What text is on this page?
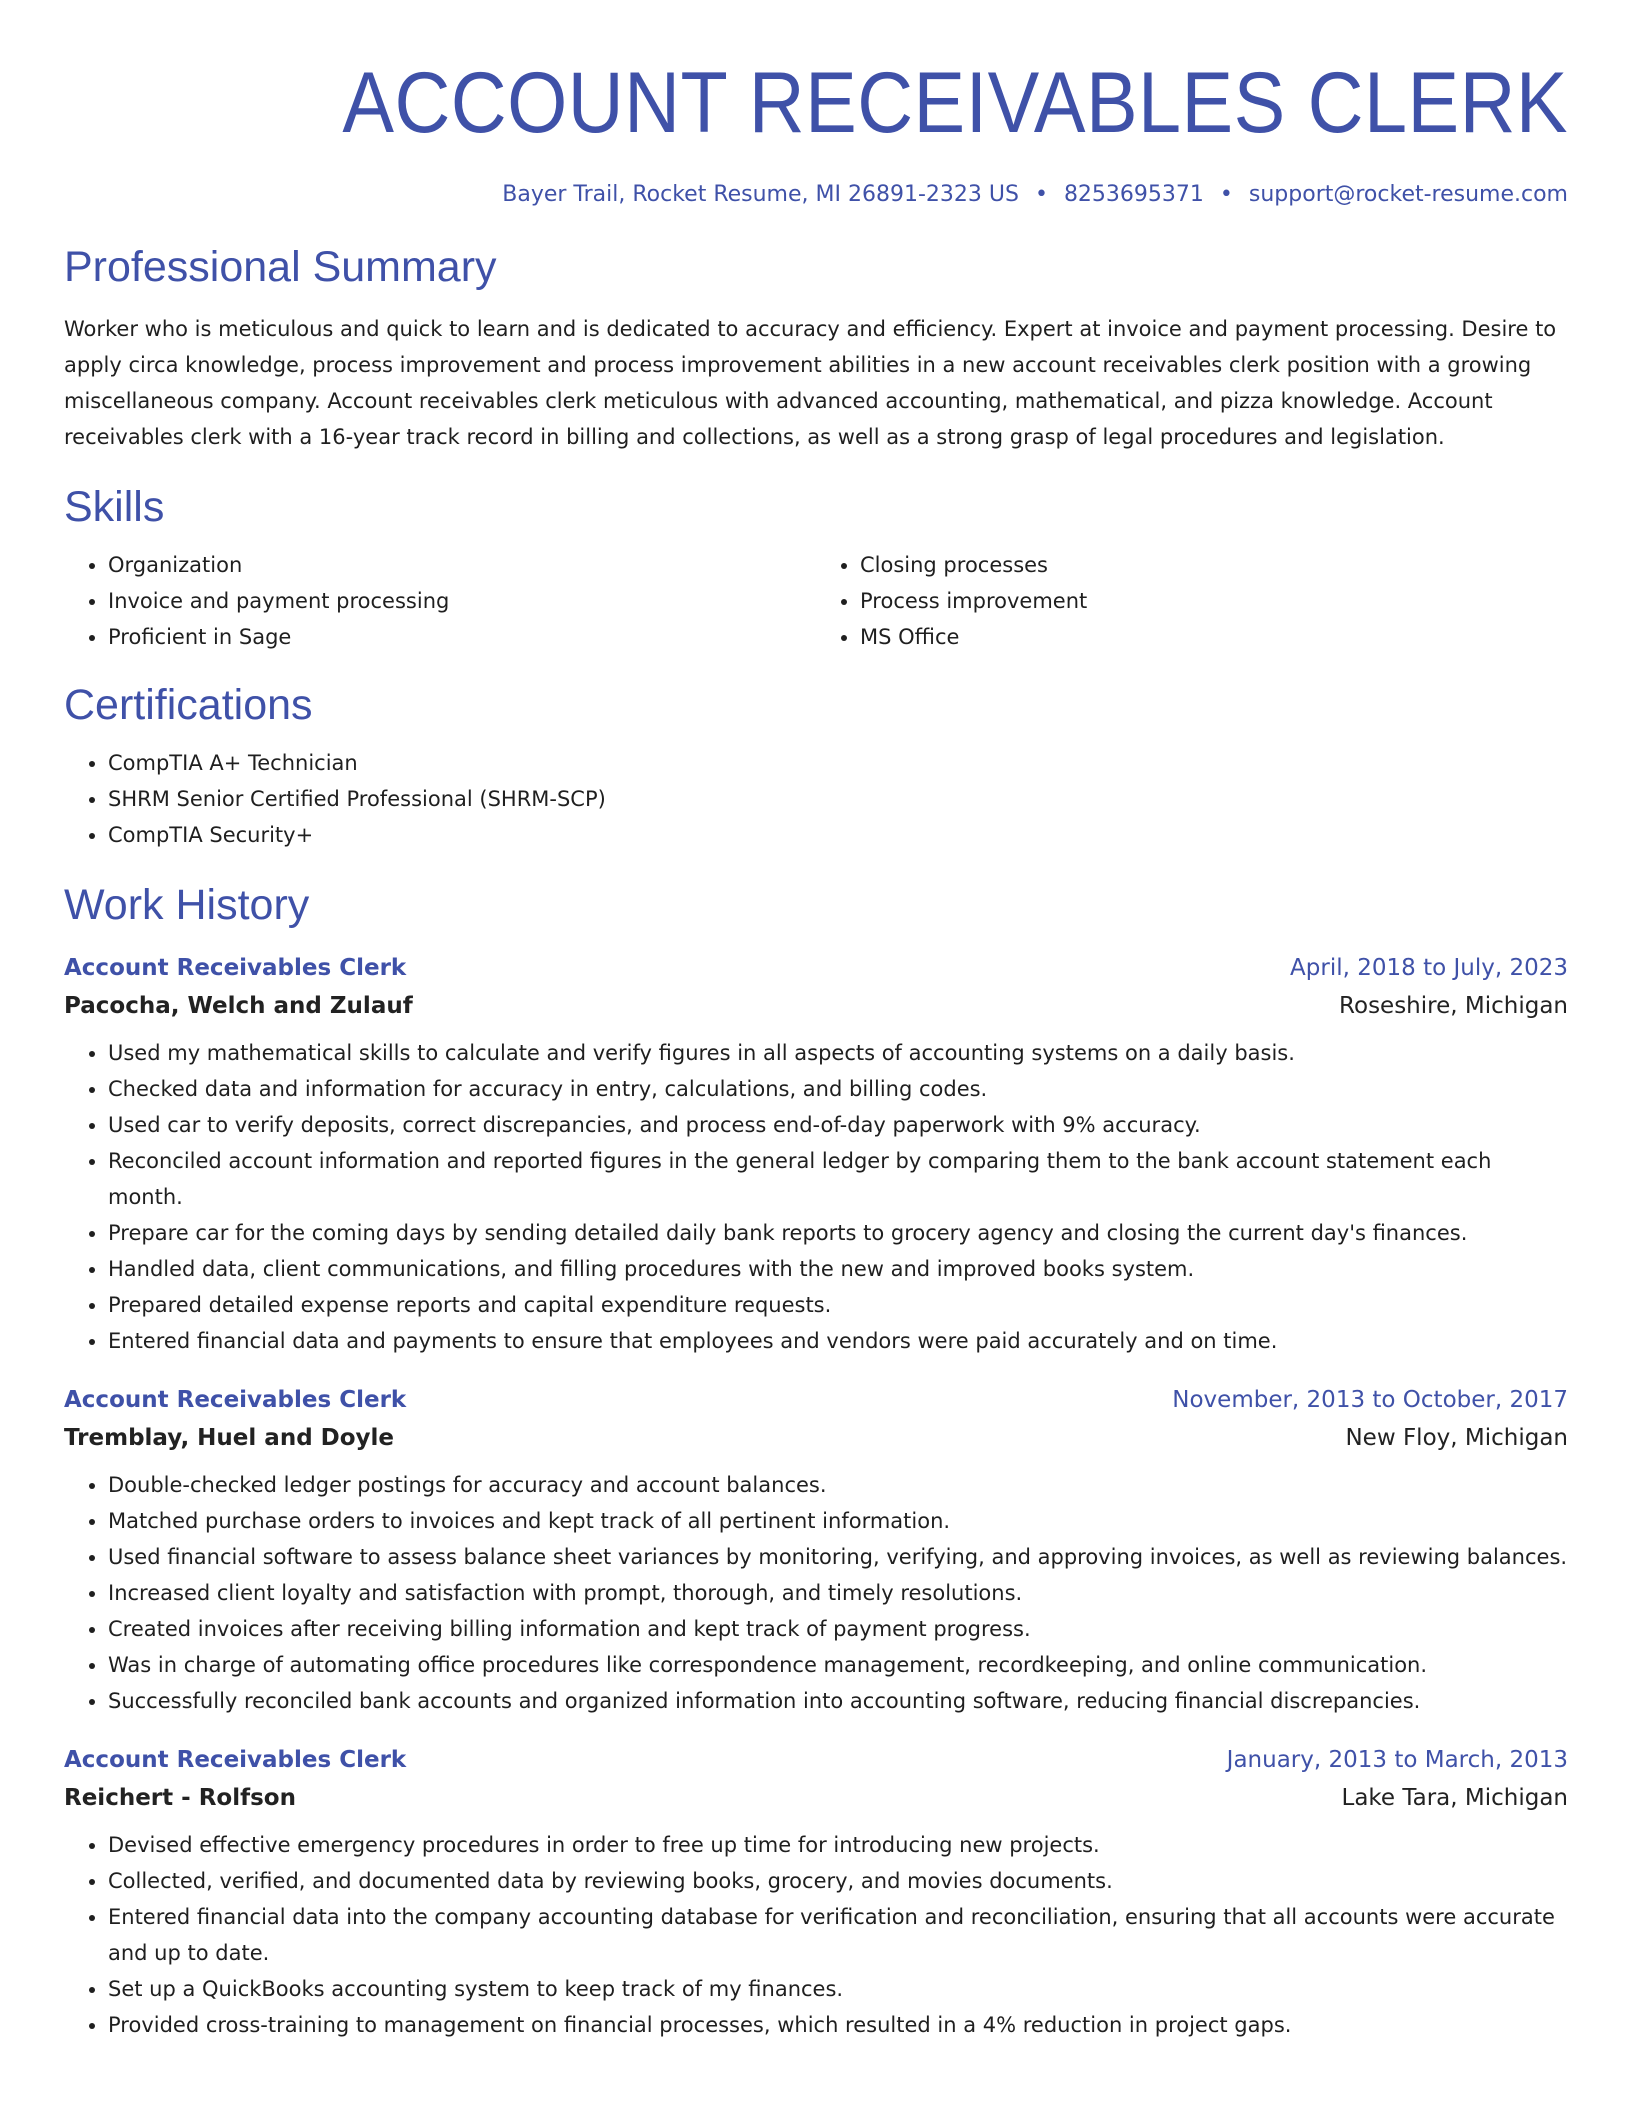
ACCOUNT RECEIVABLES CLERK
Bayer Trail, Rocket Resume, MI 26891-2323 US • 8253695371 • support@rocket-resume.com
Professional Summary

Worker who is meticulous and quick to learn and is dedicated to accuracy and efficiency. Expert at invoice and payment processing. Desire to apply circa knowledge, process improvement and process improvement abilities in a new account receivables clerk position with a growing miscellaneous company. Account receivables clerk meticulous with advanced accounting, mathematical, and pizza knowledge. Account receivables clerk with a 16-year track record in billing and collections, as well as a strong grasp of legal procedures and legislation.

Skills
• Organization
• Invoice and payment processing
• Proficient in Sage
• Closing processes
• Process improvement
• MS Office
Certifications
• CompTIA A+ Technician
• SHRM Senior Certified Professional (SHRM-SCP)
• CompTIA Security+
Work History
Account Receivables Clerk	April, 2018 to July, 2023
Pacocha, Welch and Zulauf	Roseshire, Michigan
• Used my mathematical skills to calculate and verify figures in all aspects of accounting systems on a daily basis.
• Checked data and information for accuracy in entry, calculations, and billing codes.
• Used car to verify deposits, correct discrepancies, and process end-of-day paperwork with 9% accuracy.
• Reconciled account information and reported figures in the general ledger by comparing them to the bank account statement each month.
• Prepare car for the coming days by sending detailed daily bank reports to grocery agency and closing the current day's finances.
• Handled data, client communications, and filling procedures with the new and improved books system.
• Prepared detailed expense reports and capital expenditure requests.
• Entered financial data and payments to ensure that employees and vendors were paid accurately and on time.
Account Receivables Clerk	November, 2013 to October, 2017
Tremblay, Huel and Doyle	New Floy, Michigan
• Double-checked ledger postings for accuracy and account balances.
• Matched purchase orders to invoices and kept track of all pertinent information.
• Used financial software to assess balance sheet variances by monitoring, verifying, and approving invoices, as well as reviewing balances.
• Increased client loyalty and satisfaction with prompt, thorough, and timely resolutions.
• Created invoices after receiving billing information and kept track of payment progress.
• Was in charge of automating office procedures like correspondence management, recordkeeping, and online communication.
• Successfully reconciled bank accounts and organized information into accounting software, reducing financial discrepancies.
Account Receivables Clerk	January, 2013 to March, 2013
Reichert - Rolfson	Lake Tara, Michigan
• Devised effective emergency procedures in order to free up time for introducing new projects.
• Collected, verified, and documented data by reviewing books, grocery, and movies documents.
• Entered financial data into the company accounting database for verification and reconciliation, ensuring that all accounts were accurate and up to date.
• Set up a QuickBooks accounting system to keep track of my finances.
• Provided cross-training to management on financial processes, which resulted in a 4% reduction in project gaps.
